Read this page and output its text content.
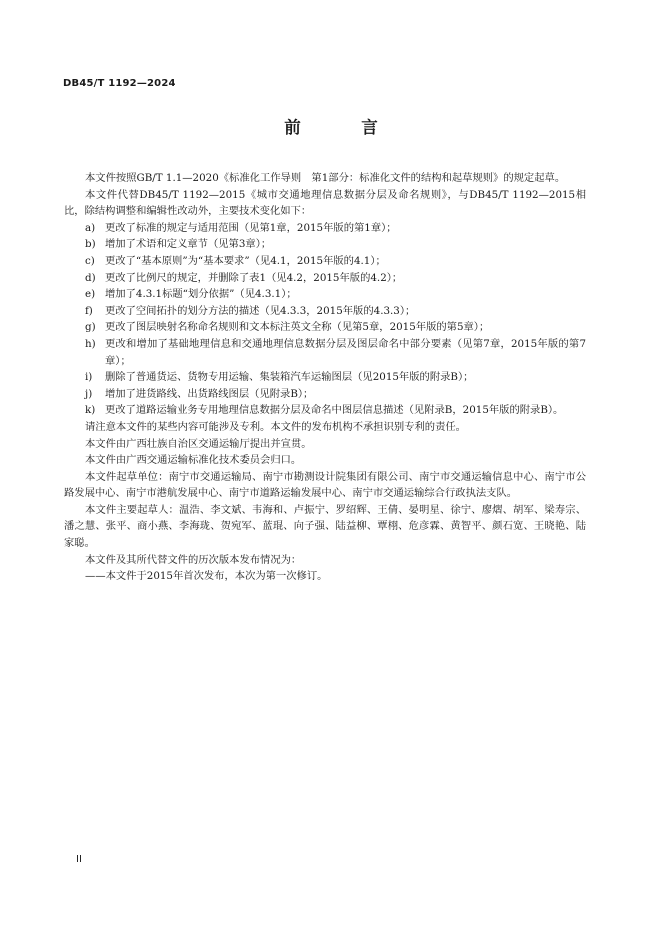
DB45/T 1192—2024
前　言

本文件按照GB/T 1.1—2020《标准化工作导则　第1部分：标准化文件的结构和起草规则》的规定起草。

本文件代替DB45/T 1192—2015《城市交通地理信息数据分层及命名规则》，与DB45/T 1192—2015相比，除结构调整和编辑性改动外，主要技术变化如下：

a) 更改了标准的规定与适用范围（见第1章，2015年版的第1章）；
b) 增加了术语和定义章节（见第3章）；
c) 更改了“基本原则”为“基本要求”（见4.1，2015年版的4.1）；
d) 更改了比例尺的规定，并删除了表1（见4.2，2015年版的4.2）；
e) 增加了4.3.1标题“划分依据”（见4.3.1）；
f)	更改了空间拓扑的划分方法的描述（见4.3.3，2015年版的4.3.3）；
g) 更改了图层映射名称命名规则和文本标注英文全称（见第5章，2015年版的第5章）；
h) 更改和增加了基础地理信息和交通地理信息数据分层及图层命名中部分要素（见第7章，2015年版的第7章）；
i)	删除了普通货运、货物专用运输、集装箱汽车运输图层（见2015年版的附录B）；
j)	增加了进货路线、出货路线图层（见附录B）；
k) 更改了道路运输业务专用地理信息数据分层及命名中图层信息描述（见附录B，2015年版的附录B）。

请注意本文件的某些内容可能涉及专利。本文件的发布机构不承担识别专利的责任。

本文件由广西壮族自治区交通运输厅提出并宣贯。

本文件由广西交通运输标准化技术委员会归口。

本文件起草单位：南宁市交通运输局、南宁市勘测设计院集团有限公司、南宁市交通运输信息中心、南宁市公路发展中心、南宁市港航发展中心、南宁市道路运输发展中心、南宁市交通运输综合行政执法支队。

本文件主要起草人：温浩、李文斌、韦海和、卢振宁、罗绍辉、王倩、晏明星、徐宁、廖熠、胡军、梁寿宗、潘之慧、张平、商小燕、李海珑、贺宛军、蓝琨、向子强、陆益柳、覃栩、危彦霖、黄智平、颜石宽、王晓艳、陆家聪。

本文件及其所代替文件的历次版本发布情况为：

——本文件于2015年首次发布，本次为第一次修订。

II
